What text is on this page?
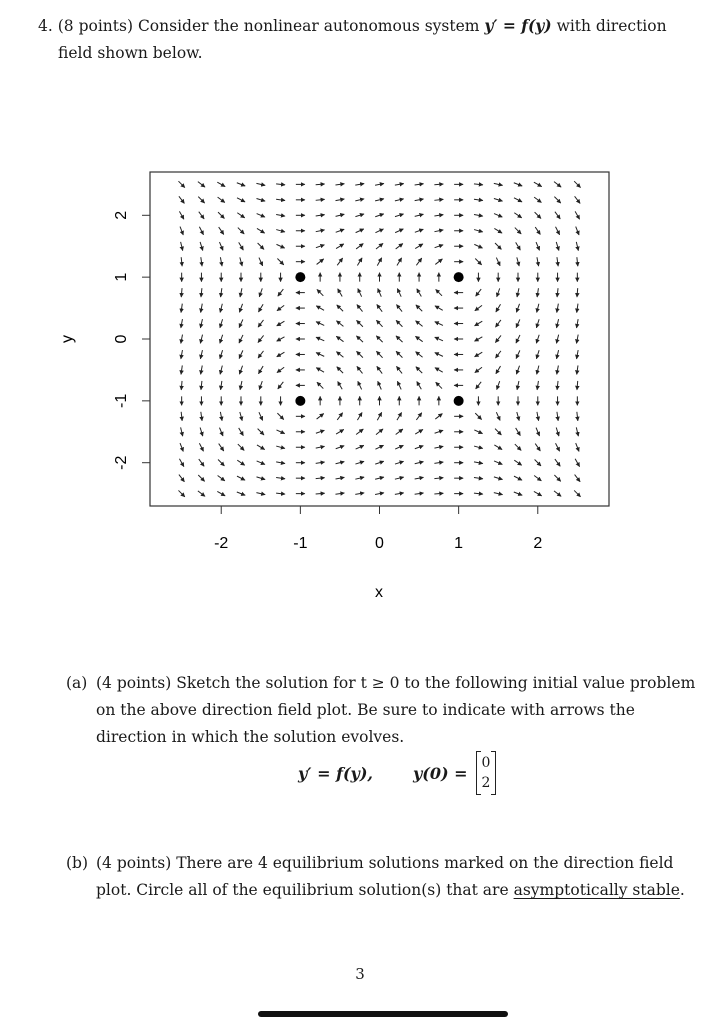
4. (8 points) Consider the nonlinear autonomous system y′ = f(y) with direction
field shown below.
-2	-1	0	1	2
-2
-1
0
1
2
x
y
(a) (4 points) Sketch the solution for t ≥ 0 to the following initial value problem on the above direction field plot. Be sure to indicate with arrows the direction in which the solution evolves.
y′ = f(y),	y(0) =
0
2
(b) (4 points) There are 4 equilibrium solutions marked on the direction field plot. Circle all of the equilibrium solution(s) that are asymptotically stable.
3
